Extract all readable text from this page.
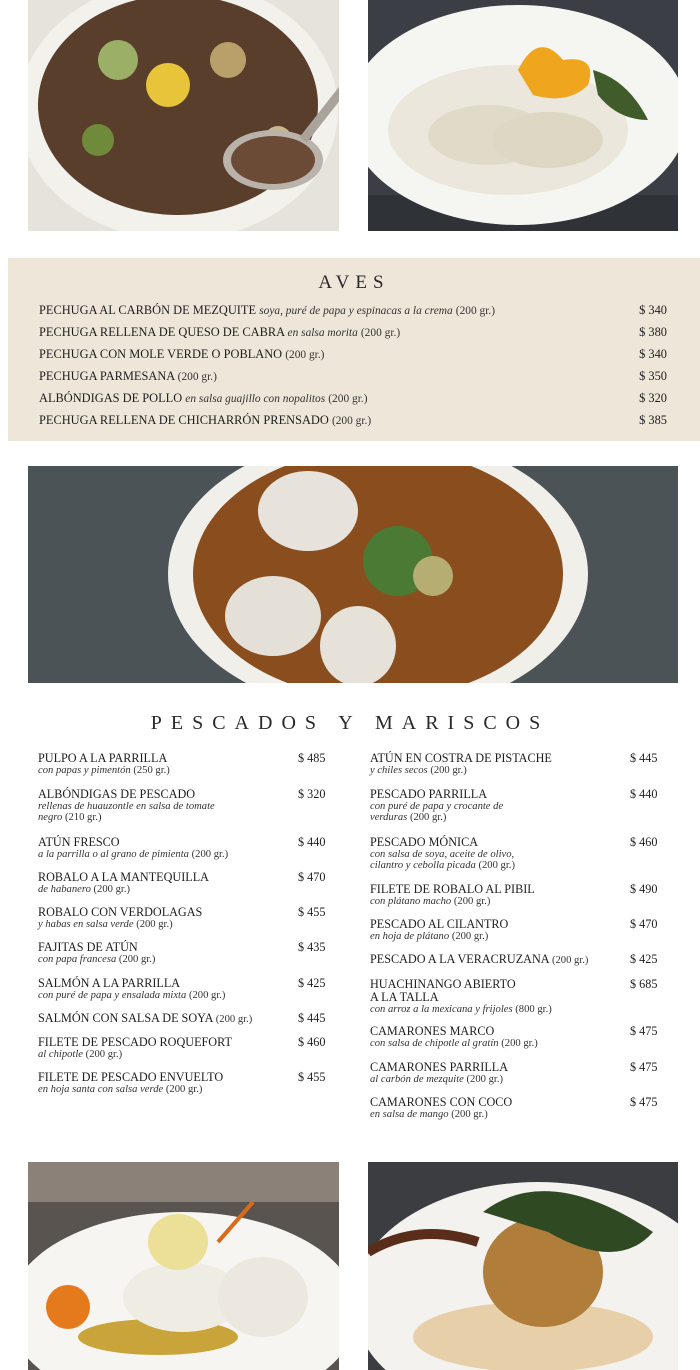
AVES
PECHUGA AL CARBÓN DE MEZQUITE soya, puré de papa y espinacas a la crema (200 gr.)	$ 340
PECHUGA RELLENA DE QUESO DE CABRA en salsa morita (200 gr.)	$ 380
PECHUGA CON MOLE VERDE O POBLANO (200 gr.)	$ 340
PECHUGA PARMESANA (200 gr.)	$ 350
ALBÓNDIGAS DE POLLO en salsa guajillo con nopalitos (200 gr.)	$ 320
PECHUGA RELLENA DE CHICHARRÓN PRENSADO (200 gr.)	$ 385
PESCADOS Y MARISCOS
PULPO A LA PARRILLA
con papas y pimentón (250 gr.)
$ 485
ALBÓNDIGAS DE PESCADO
rellenas de huauzontle en salsa de tomate
negro (210 gr.)
$ 320
ATÚN FRESCO
a la parrilla o al grano de pimienta (200 gr.)
$ 440
ROBALO A LA MANTEQUILLA
de habanero (200 gr.)
$ 470
ROBALO CON VERDOLAGAS
y habas en salsa verde (200 gr.)
$ 455
FAJITAS DE ATÚN
con papa francesa (200 gr.)
$ 435
SALMÓN A LA PARRILLA
con puré de papa y ensalada mixta (200 gr.)
$ 425
SALMÓN CON SALSA DE SOYA (200 gr.)	$ 445
FILETE DE PESCADO ROQUEFORT
al chipotle (200 gr.)
$ 460
FILETE DE PESCADO ENVUELTO
en hoja santa con salsa verde (200 gr.)
$ 455
ATÚN EN COSTRA DE PISTACHE
y chiles secos (200 gr.)
$ 445
PESCADO PARRILLA
con puré de papa y crocante de
verduras (200 gr.)
$ 440
PESCADO MÓNICA
con salsa de soya, aceite de olivo,
cilantro y cebolla picada (200 gr.)
$ 460
FILETE DE ROBALO AL PIBIL
con plátano macho (200 gr.)
$ 490
PESCADO AL CILANTRO
en hoja de plátano (200 gr.)
$ 470
PESCADO A LA VERACRUZANA (200 gr.)	$ 425
HUACHINANGO ABIERTO
A LA TALLA
con arroz a la mexicana y frijoles (800 gr.)
$ 685
CAMARONES MARCO
con salsa de chipotle al gratín (200 gr.)
$ 475
CAMARONES PARRILLA
al carbón de mezquite (200 gr.)
$ 475
CAMARONES CON COCO
en salsa de mango (200 gr.)
$ 475
